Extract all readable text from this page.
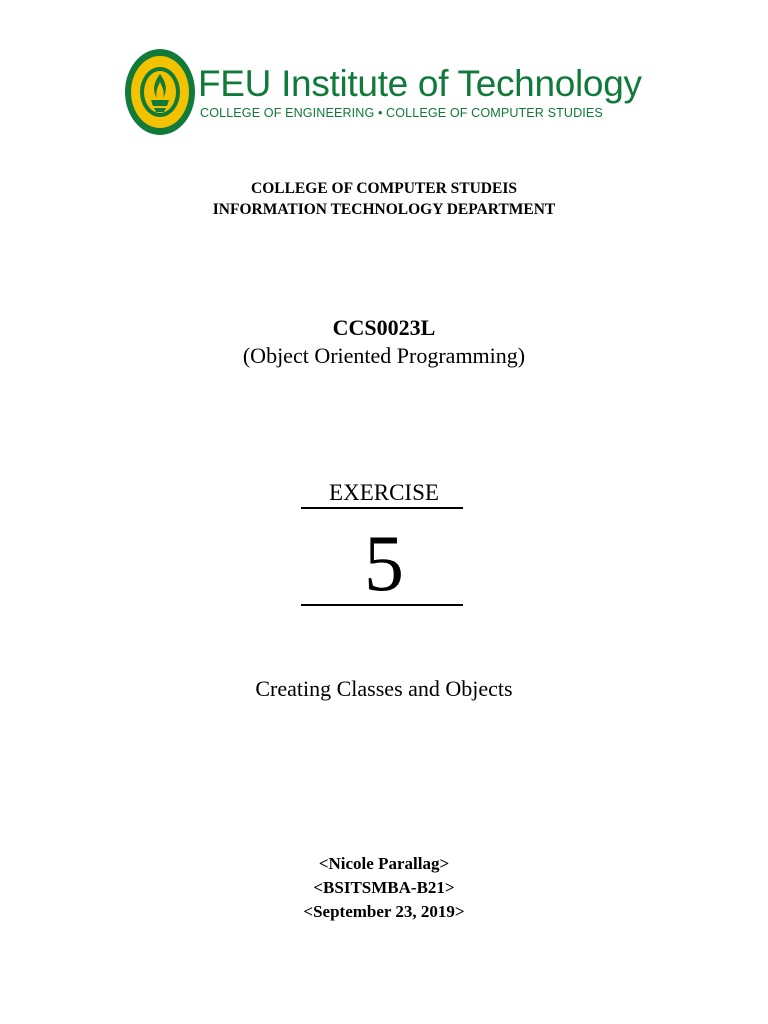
FEU Institute of Technology
COLLEGE OF ENGINEERING • COLLEGE OF COMPUTER STUDIES
COLLEGE OF COMPUTER STUDEIS
INFORMATION TECHNOLOGY DEPARTMENT
CCS0023L
(Object Oriented Programming)
EXERCISE
5
Creating Classes and Objects
<Nicole Parallag>
<BSITSMBA-B21>
<September 23, 2019>
